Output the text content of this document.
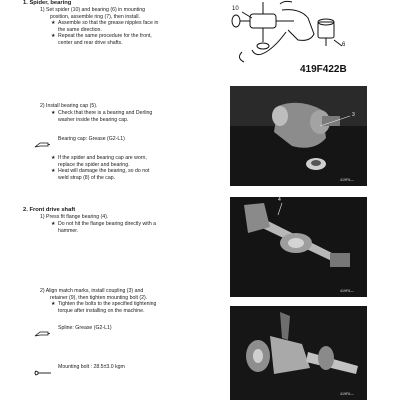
1. Spider, bearing
1) Set spider (10) and bearing (6) in mounting
position, assemble ring (7), then install.
★ Assemble so that the grease nipples face in
the same direction.
★ Repeat the same procedure for the front,
center and rear drive shafts.
10
6
419F422B
2) Install bearing cap (5).
★ Check that there is a bearing and Derling
washer inside the bearing cap.
Bearing cap: Grease (G2-L1)
★ If the spider and bearing cap are worn,
replace the spider and bearing.
★ Heat will damage the bearing, so do not
weld strap (8) of the cap.
3
419F6—
2. Front drive shaft
1) Press fit flange bearing (4).
★ Do not hit the flange bearing directly with a
hammer.
2) Align match marks, install coupling (3) and
retainer (9), then tighten mounting bolt (2).
★ Tighten the bolts to the specified tightening
torque after installing on the machine.
Spline: Grease (G2-L1)
Mounting bolt : 28.5±3.0 kgm
4
419F6—
419F6—
